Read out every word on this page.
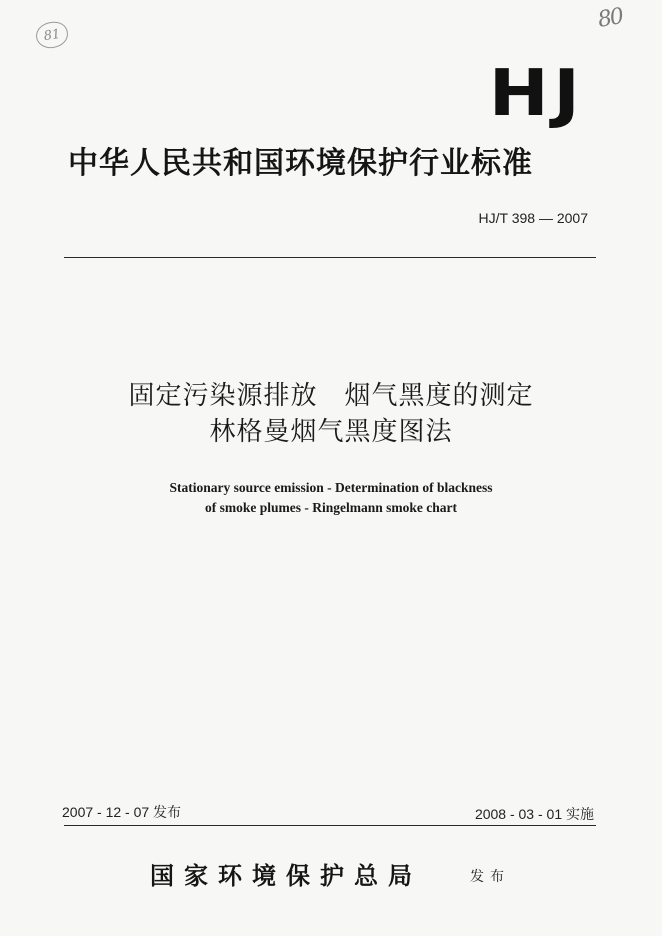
81
80
HJ
中华人民共和国环境保护行业标准
HJ/T 398 — 2007
固定污染源排放　烟气黑度的测定
林格曼烟气黑度图法
Stationary source emission - Determination of blackness
of smoke plumes - Ringelmann smoke chart
2007 - 12 - 07 发布	2008 - 03 - 01 实施
国家环境保护总局	发布
